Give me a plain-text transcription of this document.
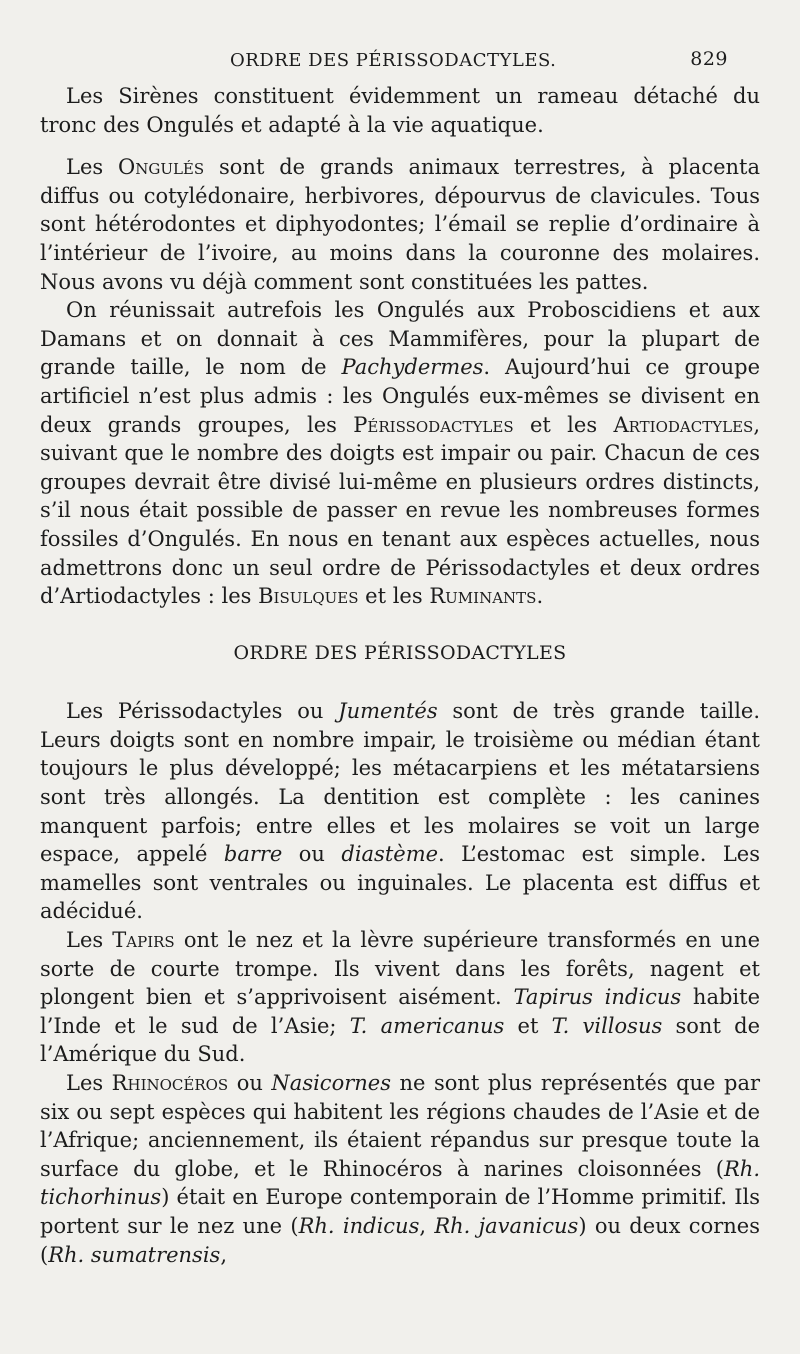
ORDRE DES PÉRISSODACTYLES.	829

Les Sirènes constituent évidemment un rameau détaché du tronc des Ongulés et adapté à la vie aquatique.

Les Ongulés sont de grands animaux terrestres, à placenta diffus ou cotylédonaire, herbivores, dépourvus de clavicules. Tous sont hétérodontes et diphyodontes; l’émail se replie d’ordinaire à l’intérieur de l’ivoire, au moins dans la couronne des molaires. Nous avons vu déjà comment sont constituées les pattes.

On réunissait autrefois les Ongulés aux Proboscidiens et aux Damans et on donnait à ces Mammifères, pour la plupart de grande taille, le nom de Pachydermes. Aujourd’hui ce groupe artificiel n’est plus admis : les Ongulés eux-mêmes se divisent en deux grands groupes, les Périssodactyles et les Artiodactyles, suivant que le nombre des doigts est impair ou pair. Chacun de ces groupes devrait être divisé lui-même en plusieurs ordres distincts, s’il nous était possible de passer en revue les nombreuses formes fossiles d’Ongulés. En nous en tenant aux espèces actuelles, nous admettrons donc un seul ordre de Périssodactyles et deux ordres d’Artiodactyles : les Bisulques et les Ruminants.

ORDRE DES PÉRISSODACTYLES

Les Périssodactyles ou Jumentés sont de très grande taille. Leurs doigts sont en nombre impair, le troisième ou médian étant toujours le plus développé; les métacarpiens et les métatarsiens sont très allongés. La dentition est complète : les canines manquent parfois; entre elles et les molaires se voit un large espace, appelé barre ou diastème. L’estomac est simple. Les mamelles sont ventrales ou inguinales. Le placenta est diffus et adécidué.

Les Tapirs ont le nez et la lèvre supérieure transformés en une sorte de courte trompe. Ils vivent dans les forêts, nagent et plongent bien et s’apprivoisent aisément. Tapirus indicus habite l’Inde et le sud de l’Asie; T. americanus et T. villosus sont de l’Amérique du Sud.

Les Rhinocéros ou Nasicornes ne sont plus représentés que par six ou sept espèces qui habitent les régions chaudes de l’Asie et de l’Afrique; anciennement, ils étaient répandus sur presque toute la surface du globe, et le Rhinocéros à narines cloisonnées (Rh. tichorhinus) était en Europe contemporain de l’Homme primitif. Ils portent sur le nez une (Rh. indicus, Rh. javanicus) ou deux cornes (Rh. sumatrensis,
